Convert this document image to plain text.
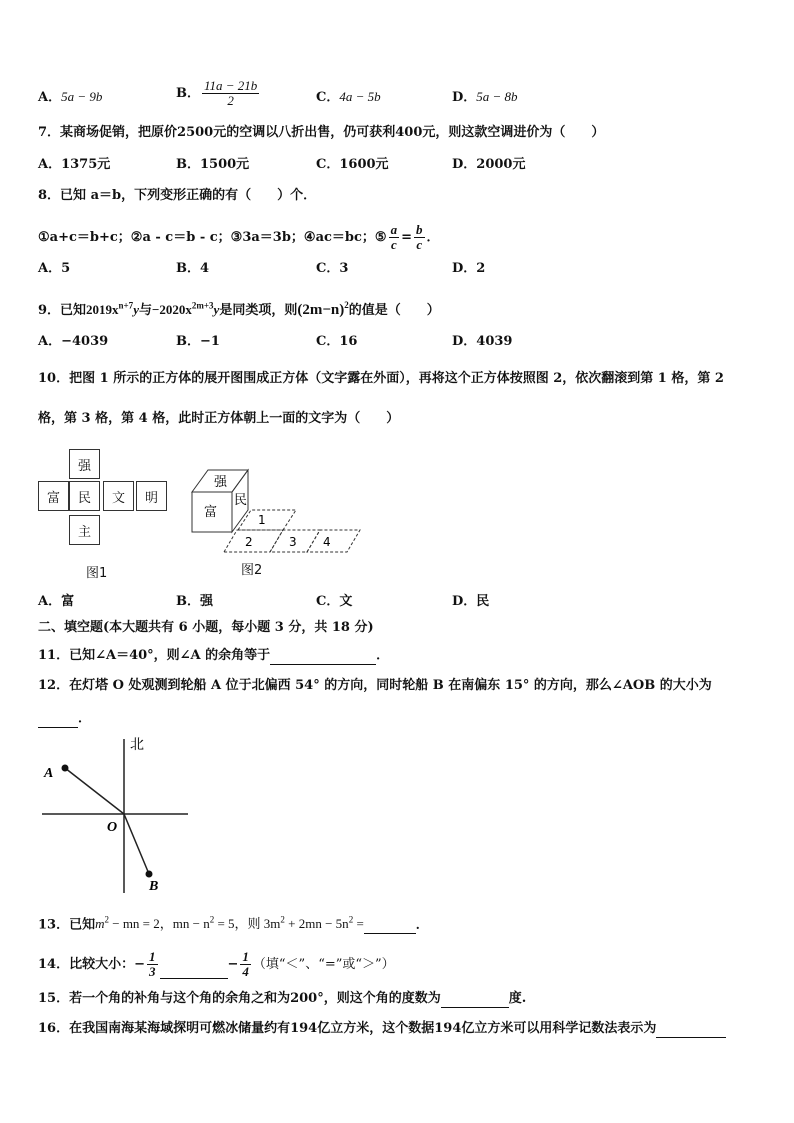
A．5a − 9b	B． $\frac{11a - 21b}{2}$	C．4a − 5b	D．5a − 8b
7．某商场促销，把原价2500元的空调以八折出售，仍可获利400元，则这款空调进价为（　　）
A．1375元	B．1500元	C．1600元	D．2000元
8．已知 a＝b，下列变形正确的有（　　）个．
①a+c＝b+c；②a - c＝b - c；③3a＝3b；④ac＝bc；⑤ $\frac{a}{c} = \frac{b}{c}$ ．
A．5	B．4	C．3	D．2
9．已知$2019x^{n+7}y$与$-2020x^{2m+3}y$是同类项，则$(2m-n)^2$的值是（　　）
A．−4039	B．−1	C．16	D．4039
10．把图 1 所示的正方体的展开图围成正方体（文字露在外面），再将这个正方体按照图 2，依次翻滚到第 1 格，第 2
格，第 3 格，第 4 格，此时正方体朝上一面的文字为（　　）
强
富	民	文	明
主
图1
强
富
民
1
2	3 4
图2
A．富	B．强	C．文	D．民
二、填空题(本大题共有 6 小题，每小题 3 分，共 18 分)
11．已知∠A＝40°，则∠A 的余角等于	．
12．在灯塔 O 处观测到轮船 A 位于北偏西 54° 的方向，同时轮船 B 在南偏东 15° 的方向，那么∠AOB 的大小为
．
北
A
O
B
13．已知$m^2$ − mn = 2，mn − $n^2 = 5$，则 $3m^2 + 2mn - 5n^2$ =	．
14．比较大小：− $\frac{1}{3}$	− $\frac{1}{4}$ （填“＜”、“=”或“＞”）
15．若一个角的补角与这个角的余角之和为200°，则这个角的度数为	度.
16．在我国南海某海域探明可燃冰储量约有194亿立方米，这个数据194亿立方米可以用科学记数法表示为
